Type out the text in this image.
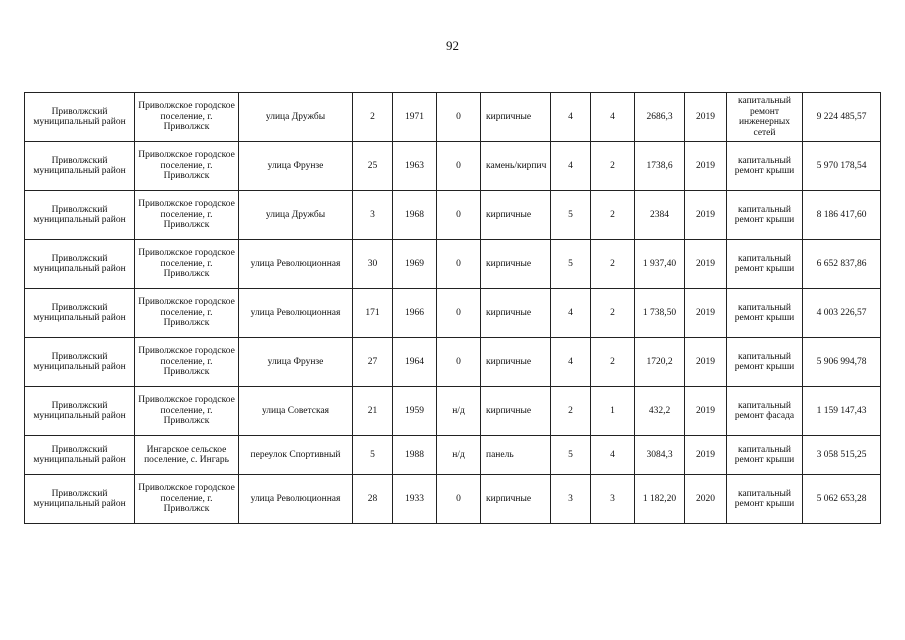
92
Приволжский муниципальный район	Приволжское городское поселение, г. Приволжск	улица Дружбы	2	1971	0	кирпичные	4	4	2686,3	2019	капитальный ремонт инженерных сетей	9 224 485,57
Приволжский муниципальный район	Приволжское городское поселение, г. Приволжск	улица Фрунзе	25	1963	0	камень/кирпич	4	2	1738,6	2019	капитальный ремонт крыши	5 970 178,54
Приволжский муниципальный район	Приволжское городское поселение, г. Приволжск	улица Дружбы	3	1968	0	кирпичные	5	2	2384	2019	капитальный ремонт крыши	8 186 417,60
Приволжский муниципальный район	Приволжское городское поселение, г. Приволжск	улица Революционная	30	1969	0	кирпичные	5	2	1 937,40	2019	капитальный ремонт крыши	6 652 837,86
Приволжский муниципальный район	Приволжское городское поселение, г. Приволжск	улица Революционная	171	1966	0	кирпичные	4	2	1 738,50	2019	капитальный ремонт крыши	4 003 226,57
Приволжский муниципальный район	Приволжское городское поселение, г. Приволжск	улица Фрунзе	27	1964	0	кирпичные	4	2	1720,2	2019	капитальный ремонт крыши	5 906 994,78
Приволжский муниципальный район	Приволжское городское поселение, г. Приволжск	улица Советская	21	1959	н/д	кирпичные	2	1	432,2	2019	капитальный ремонт фасада	1 159 147,43
Приволжский муниципальный район	Ингарское сельское поселение, с. Ингарь	переулок Спортивный	5	1988	н/д	панель	5	4	3084,3	2019	капитальный ремонт крыши	3 058 515,25
Приволжский муниципальный район	Приволжское городское поселение, г. Приволжск	улица Революционная	28	1933	0	кирпичные	3	3	1 182,20	2020	капитальный ремонт крыши	5 062 653,28
